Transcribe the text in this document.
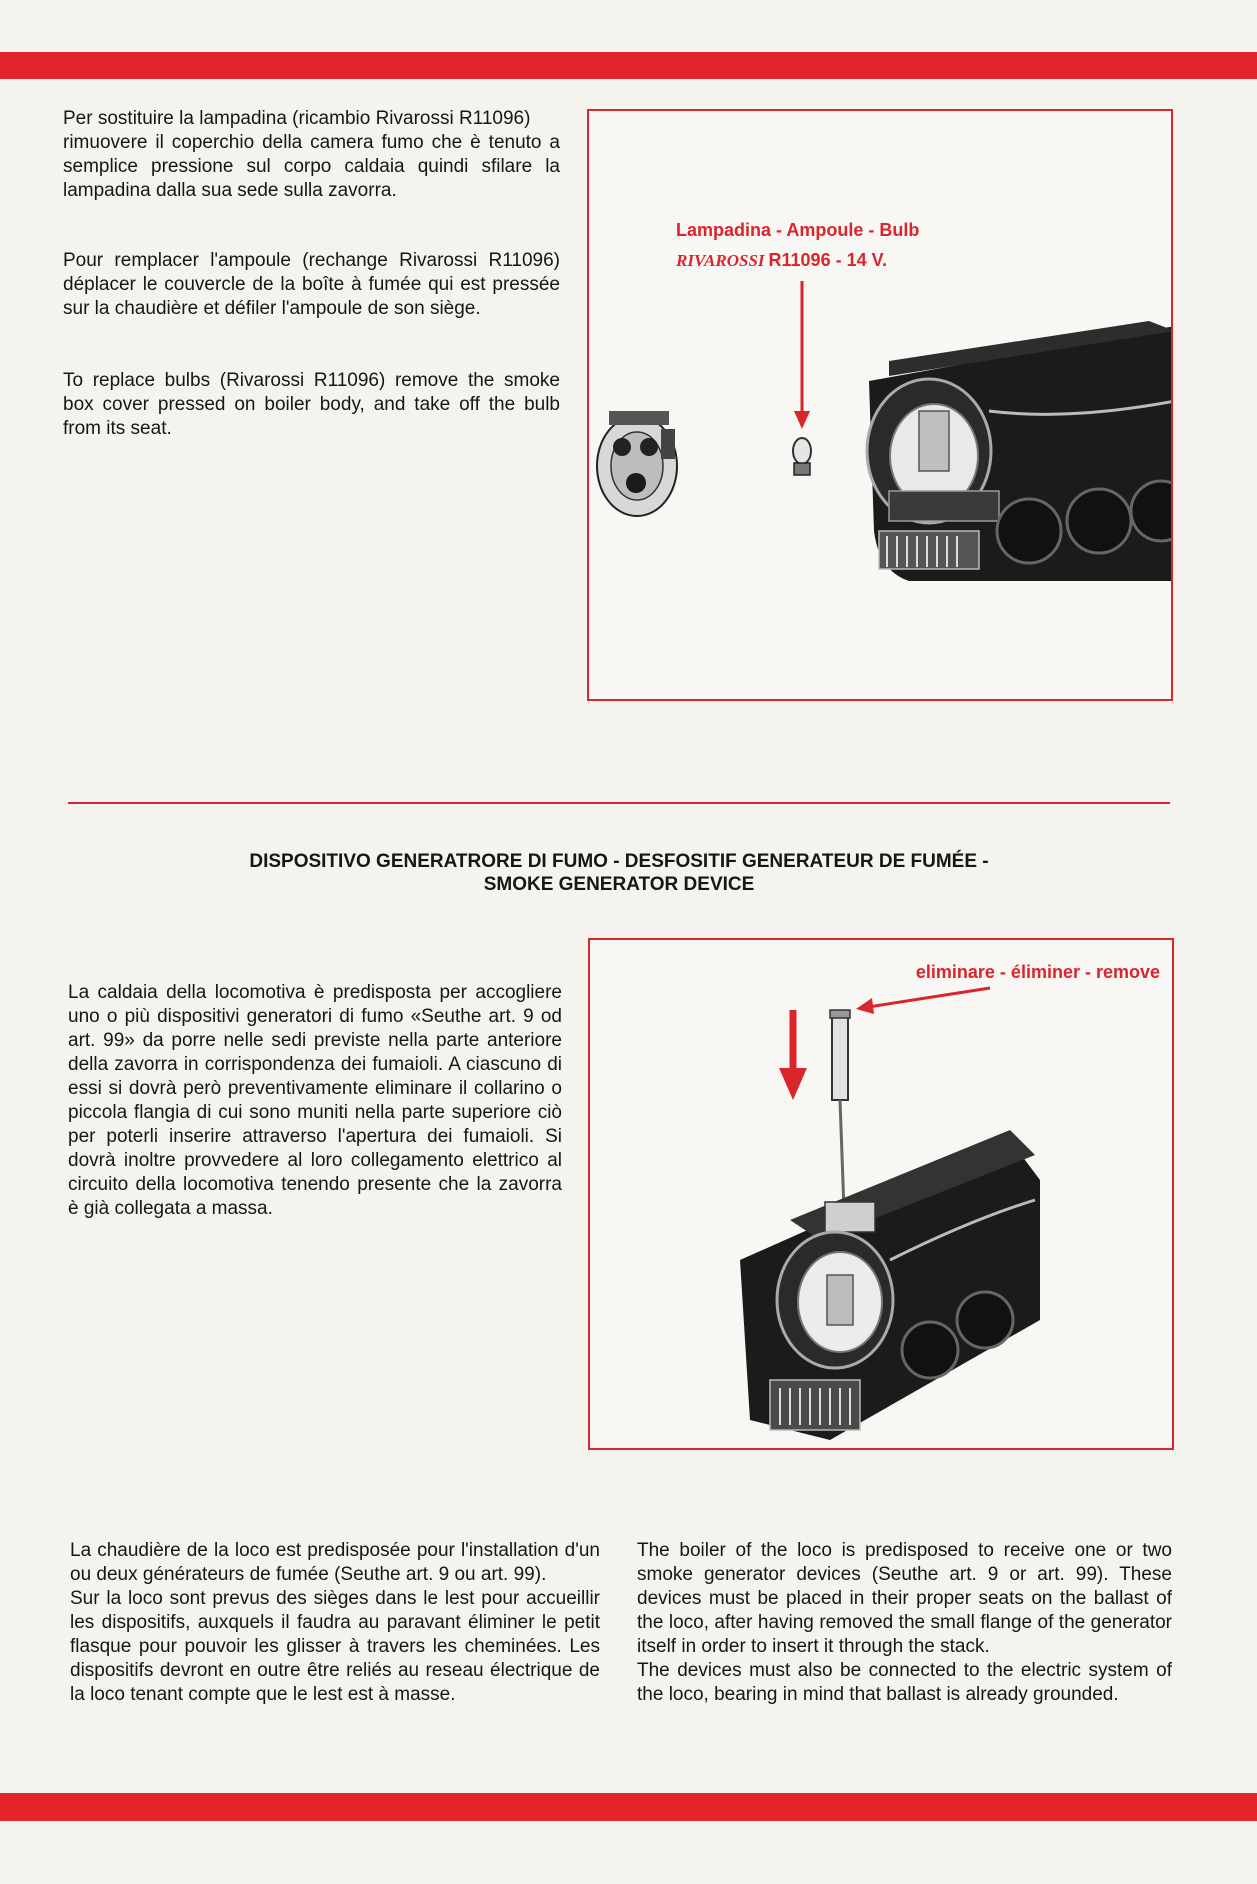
Per sostituire la lampadina (ricambio Rivarossi R11096)
rimuovere il coperchio della camera fumo che è tenuto a semplice pressione sul corpo caldaia quindi sfilare la lampadina dalla sua sede sulla zavorra.

Pour remplacer l'ampoule (rechange Rivarossi R11096) déplacer le couvercle de la boîte à fumée qui est pressée sur la chaudière et défiler l'ampoule de son siège.

To replace bulbs (Rivarossi R11096) remove the smoke box cover pressed on boiler body, and take off the bulb from its seat.

Lampadina - Ampoule - Bulb
RIVAROSSI R11096 - 14 V.
DISPOSITIVO GENERATRORE DI FUMO - DESFOSITIF GENERATEUR DE FUMÉE -
SMOKE GENERATOR DEVICE

La caldaia della locomotiva è predisposta per accogliere uno o più dispositivi generatori di fumo «Seuthe art. 9 od art. 99» da porre nelle sedi previste nella parte anteriore della zavorra in corrispondenza dei fumaioli. A ciascuno di essi si dovrà però preventivamente eliminare il collarino o piccola flangia di cui sono muniti nella parte superiore ciò per poterli inserire attraverso l'apertura dei fumaioli. Si dovrà inoltre provvedere al loro collegamento elettrico al circuito della locomotiva tenendo presente che la zavorra è già collegata a massa.

eliminare - éliminer - remove

La chaudière de la loco est predisposée pour l'installation d'un ou deux générateurs de fumée (Seuthe art. 9 ou art. 99).
Sur la loco sont prevus des sièges dans le lest pour accueillir les dispositifs, auxquels il faudra au paravant éliminer le petit flasque pour pouvoir les glisser à travers les cheminées. Les dispositifs devront en outre être reliés au reseau électrique de la loco tenant compte que le lest est à masse.

The boiler of the loco is predisposed to receive one or two smoke generator devices (Seuthe art. 9 or art. 99). These devices must be placed in their proper seats on the ballast of the loco, after having removed the small flange of the generator itself in order to insert it through the stack.
The devices must also be connected to the electric system of the loco, bearing in mind that ballast is already grounded.
